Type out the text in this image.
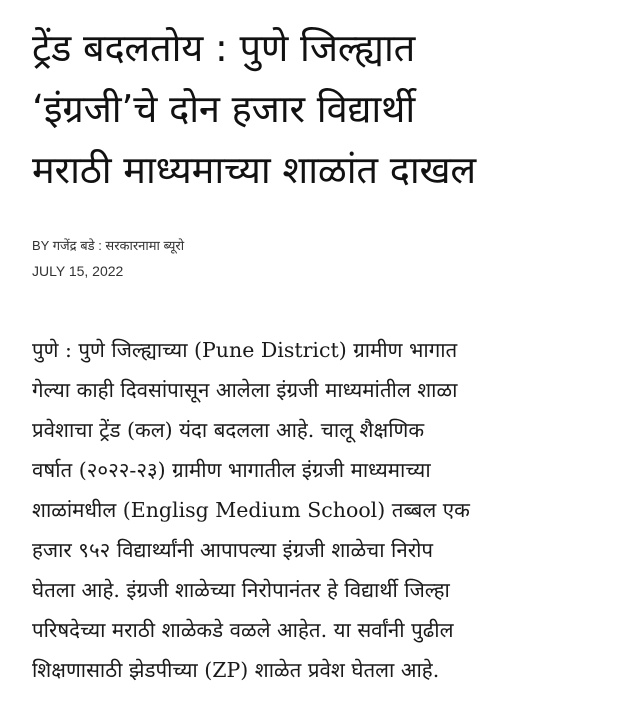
ट्रेंड बदलतोय : पुणे जिल्ह्यात
‘इंग्रजी’चे दोन हजार विद्यार्थी
मराठी माध्यमाच्या शाळांत दाखल
BY गजेंद्र बडे : सरकारनामा ब्यूरो
JULY 15, 2022
पुणे : पुणे जिल्ह्याच्या (Pune District) ग्रामीण भागात
गेल्या काही दिवसांपासून आलेला इंग्रजी माध्यमांतील शाळा
प्रवेशाचा ट्रेंड (कल) यंदा बदलला आहे. चालू शैक्षणिक
वर्षात (२०२२-२३) ग्रामीण भागातील इंग्रजी माध्यमाच्या
शाळांमधील (Englisg Medium School) तब्बल एक
हजार ९५२ विद्यार्थ्यांनी आपापल्या इंग्रजी शाळेचा निरोप
घेतला आहे. इंग्रजी शाळेच्या निरोपानंतर हे विद्यार्थी जिल्हा
परिषदेच्या मराठी शाळेकडे वळले आहेत. या सर्वांनी पुढील
शिक्षणासाठी झेडपीच्या (ZP) शाळेत प्रवेश घेतला आहे.
